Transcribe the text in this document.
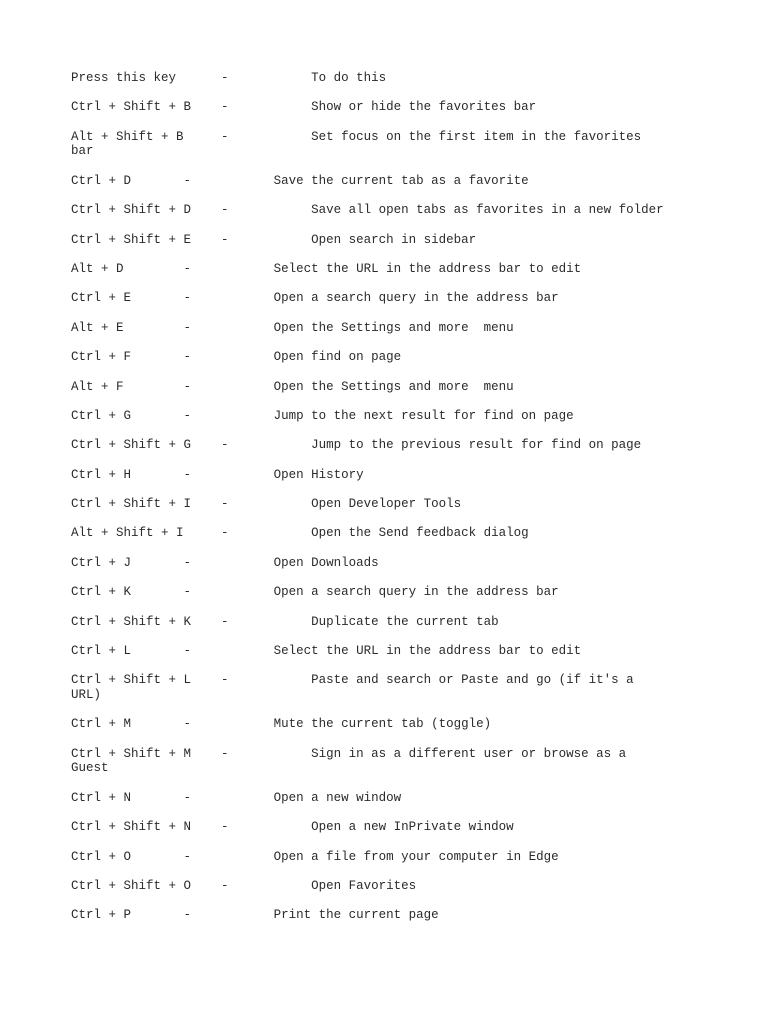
Press this key	-	To do this
Ctrl + Shift + B -	Show or hide the favorites bar
Alt + Shift + B	-	Set focus on the first item in the favorites
bar
Ctrl + D	-	Save the current tab as a favorite
Ctrl + Shift + D -	Save all open tabs as favorites in a new folder
Ctrl + Shift + E -	Open search in sidebar
Alt + D	-	Select the URL in the address bar to edit
Ctrl + E	-	Open a search query in the address bar
Alt + E	-	Open the Settings and more  menu
Ctrl + F	-	Open find on page
Alt + F	-	Open the Settings and more  menu
Ctrl + G	-	Jump to the next result for find on page
Ctrl + Shift + G -	Jump to the previous result for find on page
Ctrl + H	-	Open History
Ctrl + Shift + I -	Open Developer Tools
Alt + Shift + I	-	Open the Send feedback dialog
Ctrl + J	-	Open Downloads
Ctrl + K	-	Open a search query in the address bar
Ctrl + Shift + K -	Duplicate the current tab
Ctrl + L	-	Select the URL in the address bar to edit
Ctrl + Shift + L -	Paste and search or Paste and go (if it's a
URL)
Ctrl + M	-	Mute the current tab (toggle)
Ctrl + Shift + M -	Sign in as a different user or browse as a
Guest
Ctrl + N	-	Open a new window
Ctrl + Shift + N -	Open a new InPrivate window
Ctrl + O	-	Open a file from your computer in Edge
Ctrl + Shift + O -	Open Favorites
Ctrl + P	-	Print the current page
